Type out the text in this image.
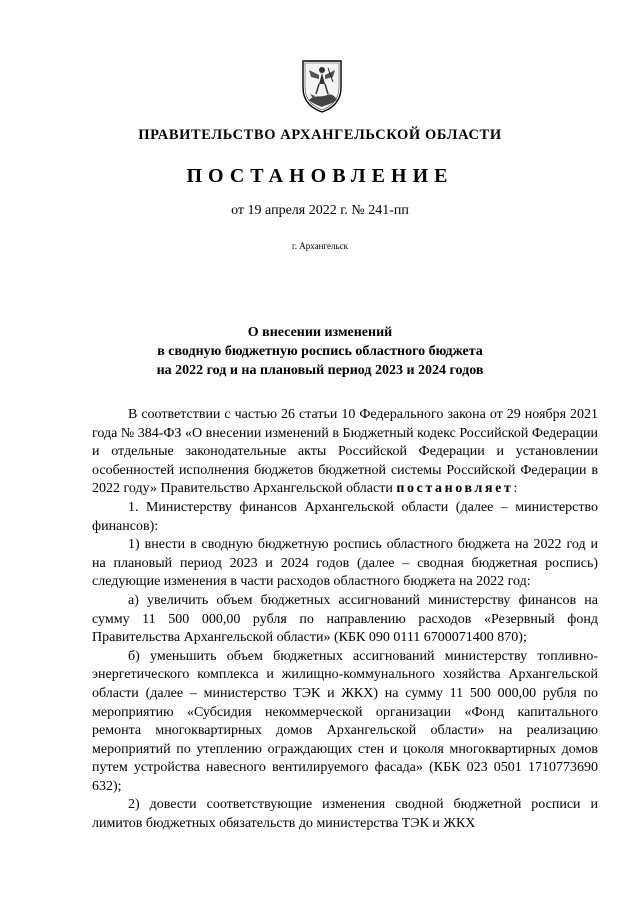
ПРАВИТЕЛЬСТВО АРХАНГЕЛЬСКОЙ ОБЛАСТИ
ПОСТАНОВЛЕНИЕ
от 19 апреля 2022 г. № 241-пп
г. Архангельск
О внесении изменений
в сводную бюджетную роспись областного бюджета
на 2022 год и на плановый период 2023 и 2024 годов

В соответствии с частью 26 статьи 10 Федерального закона от 29 ноября 2021 года № 384-ФЗ «О внесении изменений в Бюджетный кодекс Российской Федерации и отдельные законодательные акты Российской Федерации и установлении особенностей исполнения бюджетов бюджетной системы Российской Федерации в 2022 году» Правительство Архангельской области постановляет:

1. Министерству финансов Архангельской области (далее – министерство финансов):

1) внести в сводную бюджетную роспись областного бюджета на 2022 год и на плановый период 2023 и 2024 годов (далее – сводная бюджетная роспись) следующие изменения в части расходов областного бюджета на 2022 год:

а) увеличить объем бюджетных ассигнований министерству финансов на сумму 11 500 000,00 рубля по направлению расходов «Резервный фонд Правительства Архангельской области» (КБК 090 0111 6700071400 870);

б) уменьшить объем бюджетных ассигнований министерству топливно-энергетического комплекса и жилищно-коммунального хозяйства Архангельской области (далее – министерство ТЭК и ЖКХ) на сумму 11 500 000,00 рубля по мероприятию «Субсидия некоммерческой организации «Фонд капитального ремонта многоквартирных домов Архангельской области» на реализацию мероприятий по утеплению ограждающих стен и цоколя многоквартирных домов путем устройства навесного вентилируемого фасада» (КБК 023 0501 1710773690 632);

2) довести соответствующие изменения сводной бюджетной росписи и лимитов бюджетных обязательств до министерства ТЭК и ЖКХ
